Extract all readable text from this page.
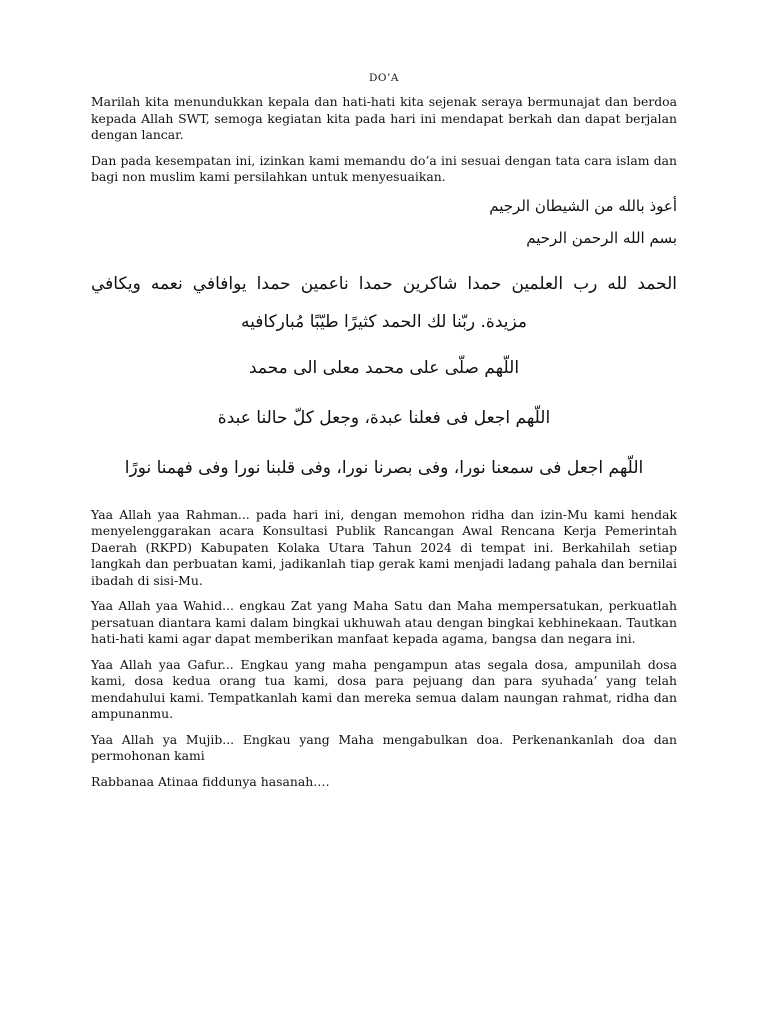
DO’A

Marilah kita menundukkan kepala dan hati-hati kita sejenak seraya bermunajat dan berdoa kepada Allah SWT, semoga kegiatan kita pada hari ini mendapat berkah dan dapat berjalan dengan lancar.

Dan pada kesempatan ini, izinkan kami memandu do’a ini sesuai dengan tata cara islam dan bagi non muslim kami persilahkan untuk menyesuaikan.

أعوذ بالله من الشيطان الرجيم

بسم الله الرحمن الرحيم

الحمد لله رب العلمين حمدا شاكرين حمدا ناعمين حمدا يوافافي نعمه ويكافي مزيدة. ربّنا لك الحمد كثيرًا طيّبًا مُباركافيه

اللّهم صلّى على محمد معلى الى محمد

اللّهم اجعل فى فعلنا عبدة، وجعل كلّ حالنا عبدة

اللّهم اجعل فى سمعنا نورا، وفى بصرنا نورا، وفى قلبنا نورا وفى فهمنا نورًا

Yaa Allah yaa Rahman... pada hari ini, dengan memohon ridha dan izin-Mu kami hendak menyelenggarakan acara Konsultasi Publik Rancangan Awal Rencana Kerja Pemerintah Daerah (RKPD) Kabupaten Kolaka Utara Tahun 2024 di tempat ini. Berkahilah setiap langkah dan perbuatan kami, jadikanlah tiap gerak kami menjadi ladang pahala dan bernilai ibadah di sisi-Mu.

Yaa Allah yaa Wahid... engkau Zat yang Maha Satu dan Maha mempersatukan, perkuatlah persatuan diantara kami dalam bingkai ukhuwah atau dengan bingkai kebhinekaan. Tautkan hati-hati kami agar dapat memberikan manfaat kepada agama, bangsa dan negara ini.

Yaa Allah yaa Gafur... Engkau yang maha pengampun atas segala dosa, ampunilah dosa kami, dosa kedua orang tua kami, dosa para pejuang dan para syuhada’ yang telah mendahului kami. Tempatkanlah kami dan mereka semua dalam naungan rahmat, ridha dan ampunanmu.

Yaa Allah ya Mujib... Engkau yang Maha mengabulkan doa. Perkenankanlah doa dan permohonan kami

Rabbanaa Atinaa fiddunya hasanah….
